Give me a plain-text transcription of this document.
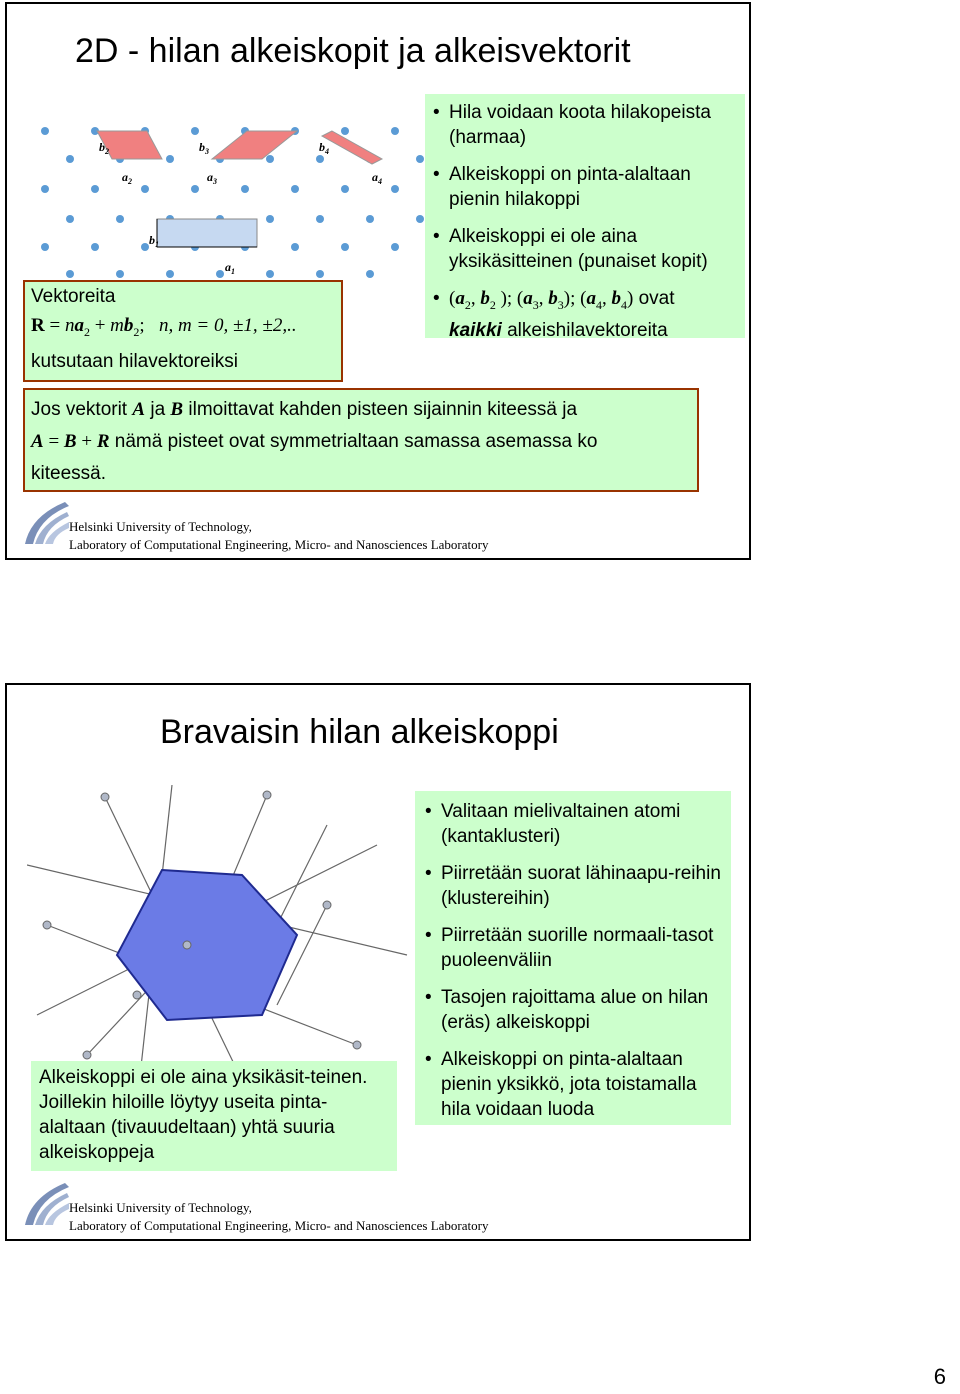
2D - hilan alkeiskopit ja alkeisvektorit
$b_2$
$a_2$
$b_3$
$a_3$
$b_4$
$a_4$
$b_1$
$a_1$
• Hila voidaan koota hilakopeista (harmaa)
• Alkeiskoppi on pinta-alaltaan pienin hilakoppi
• Alkeiskoppi ei ole aina yksikäsitteinen (punaiset kopit)
• ($a_2$, $b_2$ ); ($a_3$, $b_3$); ($a_4$, $b_4$) ovat
kaikki alkeishilavektoreita
Vektoreita
$R = na_2 + mb_2$;   n, m = 0, ±1, ±2,..
kutsutaan hilavektoreiksi
Jos vektorit A ja B ilmoittavat kahden pisteen sijainnin kiteessä ja
A = B + R nämä pisteet ovat symmetrialtaan samassa asemassa ko
kiteessä.
Helsinki University of Technology,
Laboratory of Computational Engineering, Micro- and Nanosciences Laboratory
Bravaisin hilan alkeiskoppi
Alkeiskoppi ei ole aina yksikäsit-teinen. Joillekin hiloille löytyy useita pinta-alaltaan (tivauudeltaan) yhtä suuria alkeiskoppeja
• Valitaan mielivaltainen atomi (kantaklusteri)
• Piirretään suorat lähinaapu-reihin (klustereihin)
• Piirretään suorille normaali-tasot puoleenväliin
• Tasojen rajoittama alue on hilan (eräs) alkeiskoppi
• Alkeiskoppi on pinta-alaltaan pienin yksikkö, jota toistamalla hila voidaan luoda
Helsinki University of Technology,
Laboratory of Computational Engineering, Micro- and Nanosciences Laboratory
6
